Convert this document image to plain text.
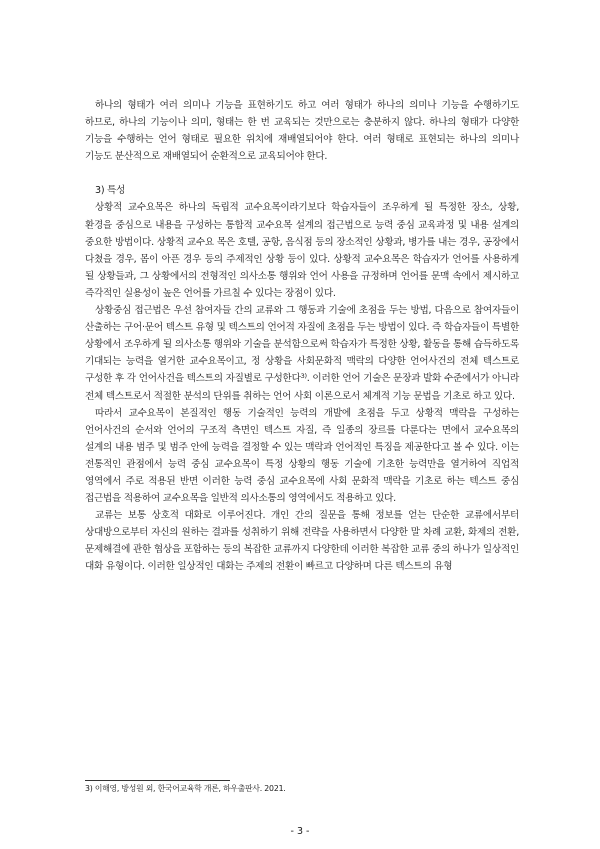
하나의 형태가 여러 의미나 기능을 표현하기도 하고 여러 형태가 하나의 의미나 기능을 수행하기도 하므로, 하나의 기능이나 의미, 형태는 한 번 교육되는 것만으로는 충분하지 않다. 하나의 형태가 다양한 기능을 수행하는 언어 형태로 필요한 위치에 재배열되어야 한다. 여러 형태로 표현되는 하나의 의미나 기능도 분산적으로 재배열되어 순환적으로 교육되어야 한다.

3) 특성

상황적 교수요목은 하나의 독립적 교수요목이라기보다 학습자들이 조우하게 될 특정한 장소, 상황, 환경을 중심으로 내용을 구성하는 통합적 교수요목 설계의 접근법으로 능력 중심 교육과정 및 내용 설계의 중요한 방법이다. 상황적 교수요 목은 호텔, 공항, 음식점 등의 장소적인 상황과, 병가를 내는 경우, 공장에서 다쳤을 경우, 몸이 아픈 경우 등의 주제적인 상황 등이 있다. 상황적 교수요목은 학습자가 언어를 사용하게 될 상황들과, 그 상황에서의 전형적인 의사소통 행위와 언어 사용을 규정하며 언어를 문맥 속에서 제시하고 즉각적인 실용성이 높은 언어를 가르칠 수 있다는 장점이 있다.

상황중심 접근법은 우선 참여자들 간의 교류와 그 행동과 기술에 초점을 두는 방법, 다음으로 참여자들이 산출하는 구어·문어 텍스트 유형 및 텍스트의 언어적 자질에 초점을 두는 방법이 있다. 즉 학습자들이 특별한 상황에서 조우하게 될 의사소통 행위와 기술을 분석함으로써 학습자가 특정한 상황, 활동을 통해 습득하도록 기대되는 능력을 열거한 교수요목이고, 정 상황을 사회문화적 맥락의 다양한 언어사건의 전체 텍스트로 구성한 후 각 언어사건을 텍스트의 자질별로 구성한다$^{3)}$. 이러한 언어 기술은 문장과 발화 수준에서가 아니라 전체 텍스트로서 적절한 분석의 단위를 취하는 언어 사회 이론으로서 체계적 기능 문법을 기초로 하고 있다.

따라서 교수요목이 본질적인 행동 기술적인 능력의 개발에 초점을 두고 상황적 맥락을 구성하는 언어사건의 순서와 언어의 구조적 측면인 텍스트 자질, 즉 일종의 장르를 다룬다는 면에서 교수요목의 설계의 내용 범주 및 범주 안에 능력을 결정할 수 있는 맥락과 언어적인 특징을 제공한다고 볼 수 있다. 이는 전통적인 관점에서 능력 중심 교수요목이 특정 상황의 행동 기술에 기초한 능력만을 열거하여 직업적 영역에서 주로 적용된 반면 이러한 능력 중심 교수요목에 사회 문화적 맥락을 기초로 하는 텍스트 중심 접근법을 적용하여 교수요목을 일반적 의사소통의 영역에서도 적용하고 있다.

교류는 보통 상호적 대화로 이루어진다. 개인 간의 질문을 통해 정보를 얻는 단순한 교류에서부터 상대방으로부터 자신의 원하는 결과를 성취하기 위해 전략을 사용하면서 다양한 말 차례 교환, 화제의 전환, 문제해결에 관한 협상을 포함하는 등의 복잡한 교류까지 다양한데 이러한 복잡한 교류 중의 하나가 일상적인 대화 유형이다. 이러한 일상적인 대화는 주제의 전환이 빠르고 다양하며 다른 텍스트의 유형

3) 이해영, 방성원 외, 한국어교육학 개론, 하우출판사. 2021.
- 3 -
